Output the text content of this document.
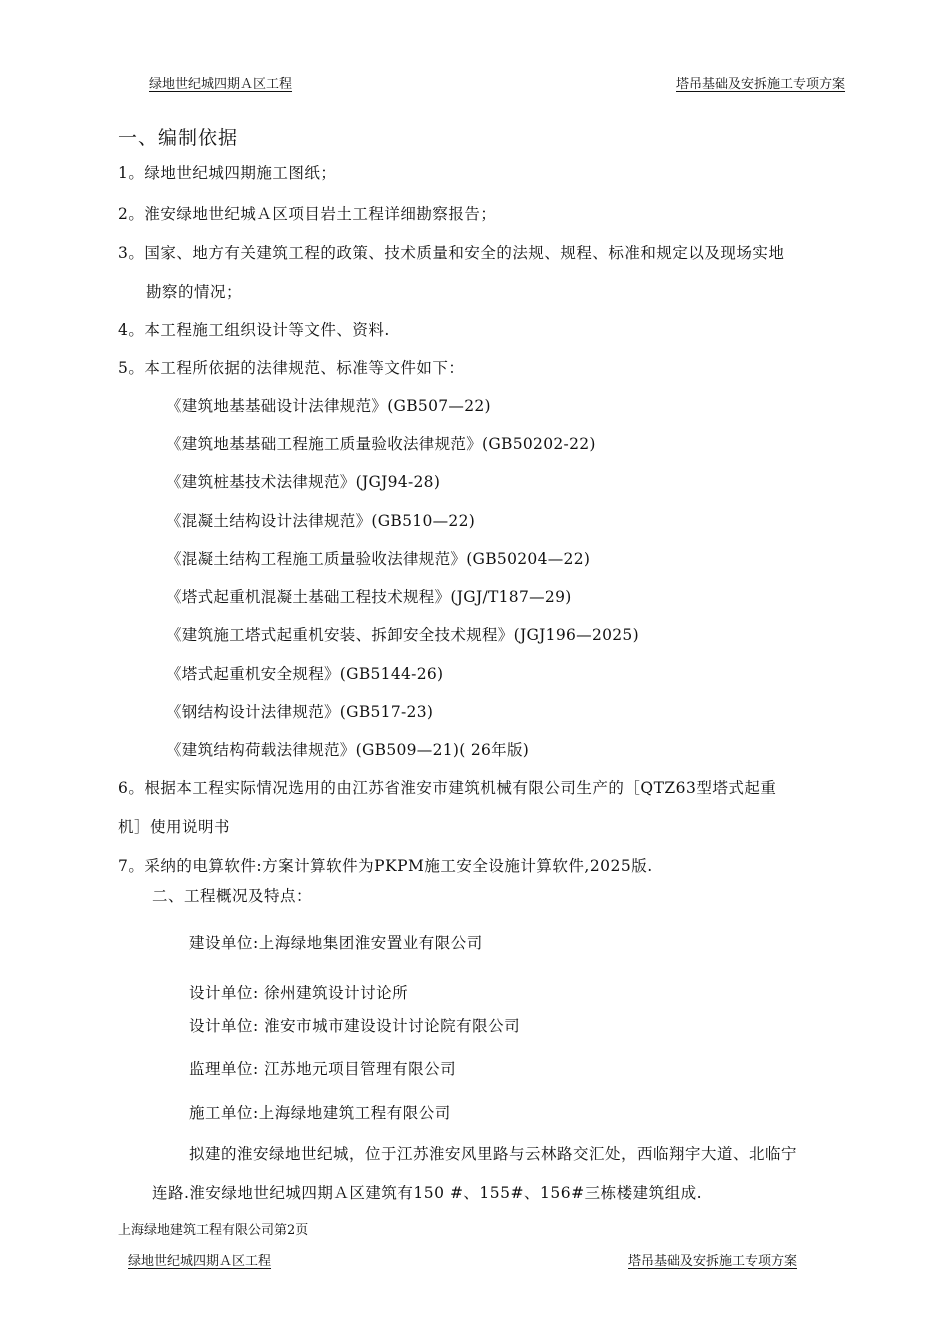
绿地世纪城四期Ａ区工程	塔吊基础及安拆施工专项方案
一、编制依据
1。绿地世纪城四期施工图纸；
2。淮安绿地世纪城Ａ区项目岩土工程详细勘察报告；
3。国家、地方有关建筑工程的政策、技术质量和安全的法规、规程、标准和规定以及现场实地
勘察的情况；
4。本工程施工组织设计等文件、资料.
5。本工程所依据的法律规范、标准等文件如下：
《建筑地基基础设计法律规范》(GB507—22)
《建筑地基基础工程施工质量验收法律规范》(GB50202-22)
《建筑桩基技术法律规范》(JGJ94-28)
《混凝土结构设计法律规范》(GB510—22)
《混凝土结构工程施工质量验收法律规范》(GB50204—22)
《塔式起重机混凝土基础工程技术规程》(JGJ/T187—29)
《建筑施工塔式起重机安装、拆卸安全技术规程》(JGJ196—2025)
《塔式起重机安全规程》(GB5144-26)
《钢结构设计法律规范》(GB517-23)
《建筑结构荷载法律规范》(GB509—21)( 26年版)
6。根据本工程实际情况选用的由江苏省淮安市建筑机械有限公司生产的［QTZ63型塔式起重
机］使用说明书
7。采纳的电算软件:方案计算软件为PKPM施工安全设施计算软件,2025版.
二、工程概况及特点：
建设单位:上海绿地集团淮安置业有限公司
设计单位: 徐州建筑设计讨论所
设计单位: 淮安市城市建设设计讨论院有限公司
监理单位: 江苏地元项目管理有限公司
施工单位:上海绿地建筑工程有限公司
拟建的淮安绿地世纪城，位于江苏淮安风里路与云林路交汇处，西临翔宇大道、北临宁
连路.淮安绿地世纪城四期Ａ区建筑有150 #、155#、156#三栋楼建筑组成.
上海绿地建筑工程有限公司第2页
绿地世纪城四期Ａ区工程	塔吊基础及安拆施工专项方案
